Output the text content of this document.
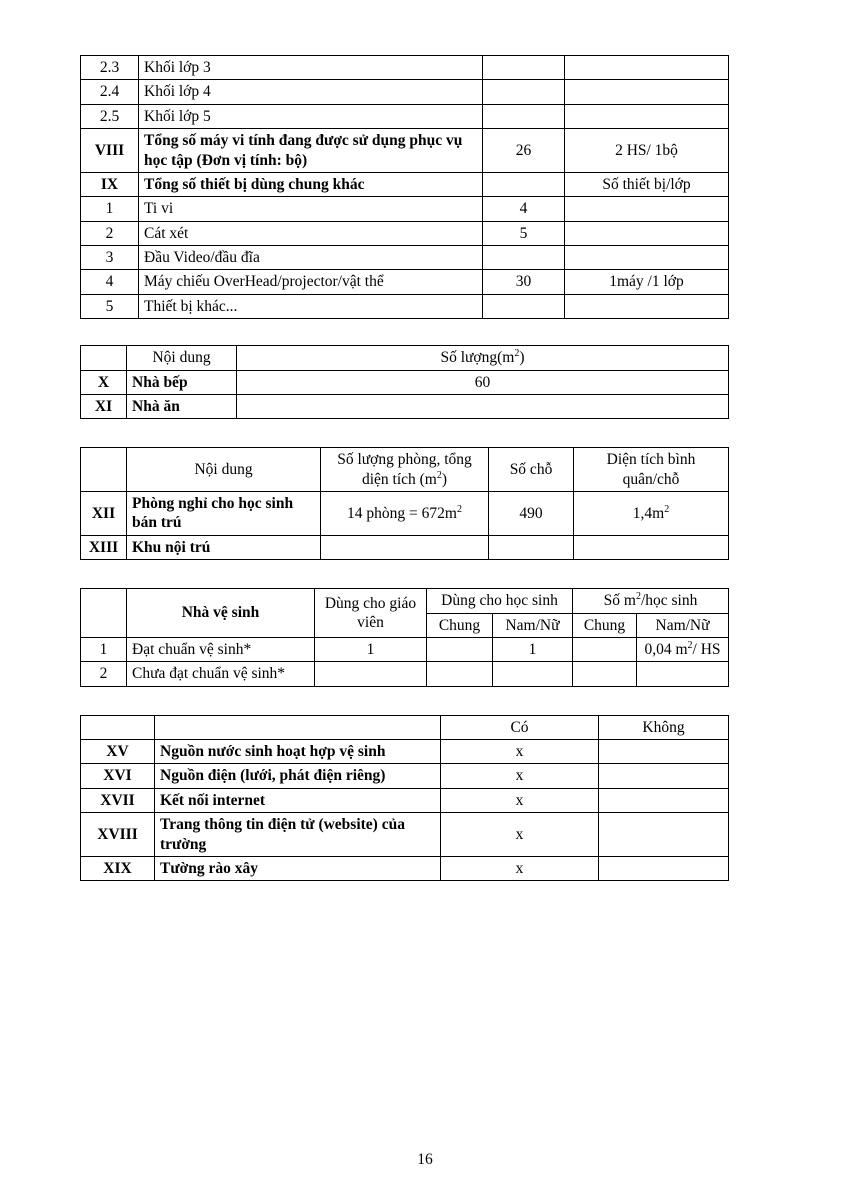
2.3	Khối lớp 3		
2.4	Khối lớp 4		
2.5	Khối lớp 5		
VIII	Tổng số máy vi tính đang được sử dụng phục vụ học tập (Đơn vị tính: bộ)	26	2 HS/ 1bộ
IX	Tổng số thiết bị dùng chung khác		Số thiết bị/lớp
1	Ti vi	4	
2	Cát xét	5	
3	Đầu Video/đầu đĩa		
4	Máy chiếu OverHead/projector/vật thể	30	1máy /1 lớp
5	Thiết bị khác...		
	Nội dung	Số $lượng(m^2)$
X	Nhà bếp	60
XI	Nhà ăn	
	Nội dung	Số lượng phòng, tổng diện tích $(m^2)$	Số chỗ	Diện tích bình quân/chỗ
XII	Phòng nghỉ cho học sinh bán trú	14 phòng = $672m^2$	490	$1,4m^2$
XIII	Khu nội trú			
	Nhà vệ sinh	Dùng cho giáo viên	Dùng cho học sinh		Số $m^2$/học sinh	
			Chung	Nam/Nữ	Chung	Nam/Nữ
1	Đạt chuẩn vệ sinh*	1		1		0,04 $m^2/$ HS
2	Chưa đạt chuẩn vệ sinh*					
		Có	Không
XV	Nguồn nước sinh hoạt hợp vệ sinh	x	
XVI	Nguồn điện (lưới, phát điện riêng)	x	
XVII	Kết nối internet	x	
XVIII	Trang thông tin điện tử (website) của trường	x	
XIX	Tường rào xây	x	
16
